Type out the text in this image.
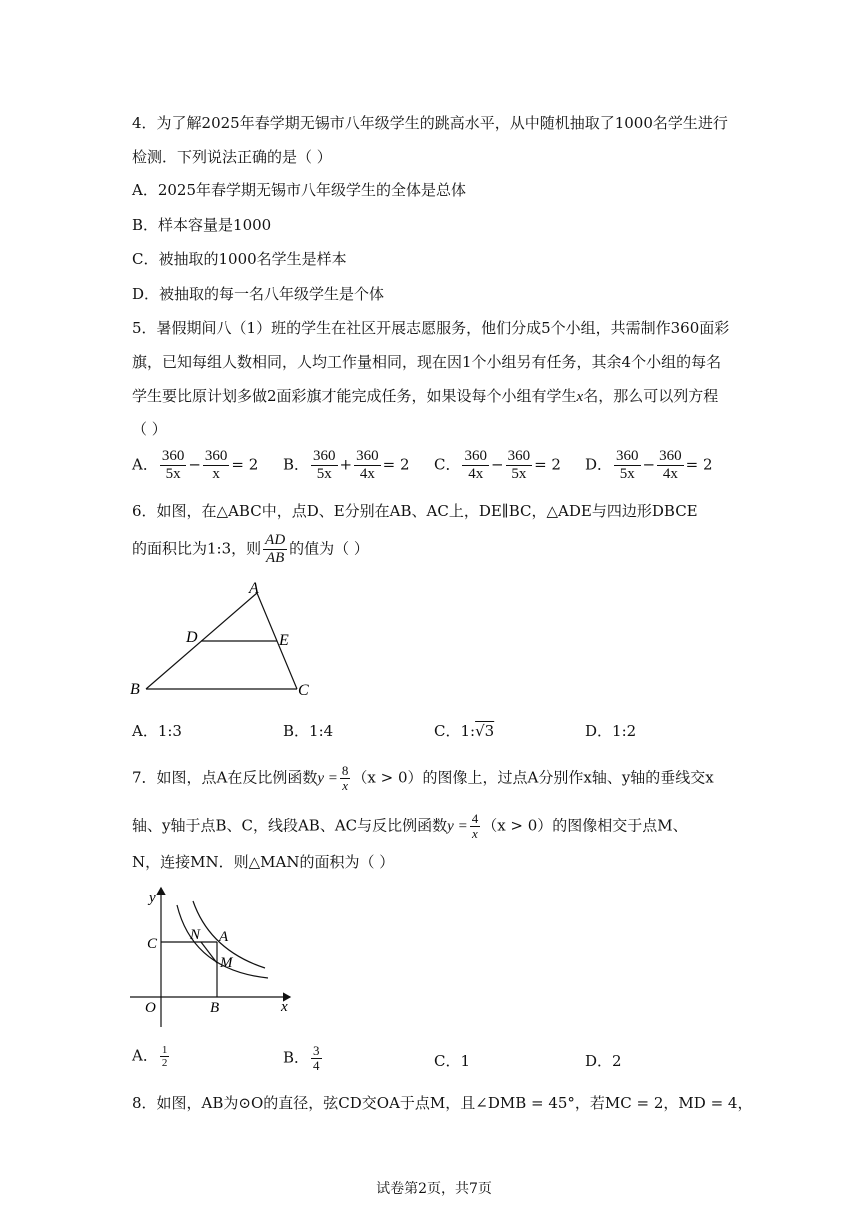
4．为了解2025年春学期无锡市八年级学生的跳高水平，从中随机抽取了1000名学生进行
检测．下列说法正确的是（ ）
A．2025年春学期无锡市八年级学生的全体是总体
B．样本容量是1000
C．被抽取的1000名学生是样本
D．被抽取的每一名八年级学生是个体
5．暑假期间八（1）班的学生在社区开展志愿服务，他们分成5个小组，共需制作360面彩
旗，已知每组人数相同，人均工作量相同，现在因1个小组另有任务，其余4个小组的每名
学生要比原计划多做2面彩旗才能完成任务，如果设每个小组有学生x名，那么可以列方程
（ ）
A． $\frac{360}{5x} - \frac{360}{x} = 2$ B． $\frac{360}{5x} + \frac{360}{4x} = 2$ C． $\frac{360}{4x} - \frac{360}{5x} = 2$ D． $\frac{360}{5x} - \frac{360}{4x} = 2$
6．如图，在△ABC中，点D、E分别在AB、AC上，DE∥BC，△ADE与四边形DBCE
的面积比为1:3，则 $\frac{AD}{AB}$ 的值为（ ）
A
B	C
D	E
A．1:3	B．1:4	C．1:√3	D．1:2
7．如图，点A在反比例函数$y = \frac{8}{x} (x > 0)$的图像上，过点A分别作x轴、y轴的垂线交x
轴、y轴于点B、C，线段AB、AC与反比例函数$y = \frac{4}{x} (x > 0)$的图像相交于点M、
N，连接MN．则△MAN的面积为（ ）
y
x
O
C
N A
M
B
A． $\frac{1}{2}$	B． $\frac{3}{4}$	C．1	D．2
8．如图，AB为⊙O的直径，弦CD交OA于点M，且∠DMB = 45°，若MC = 2，MD = 4，
试卷第2页，共7页
